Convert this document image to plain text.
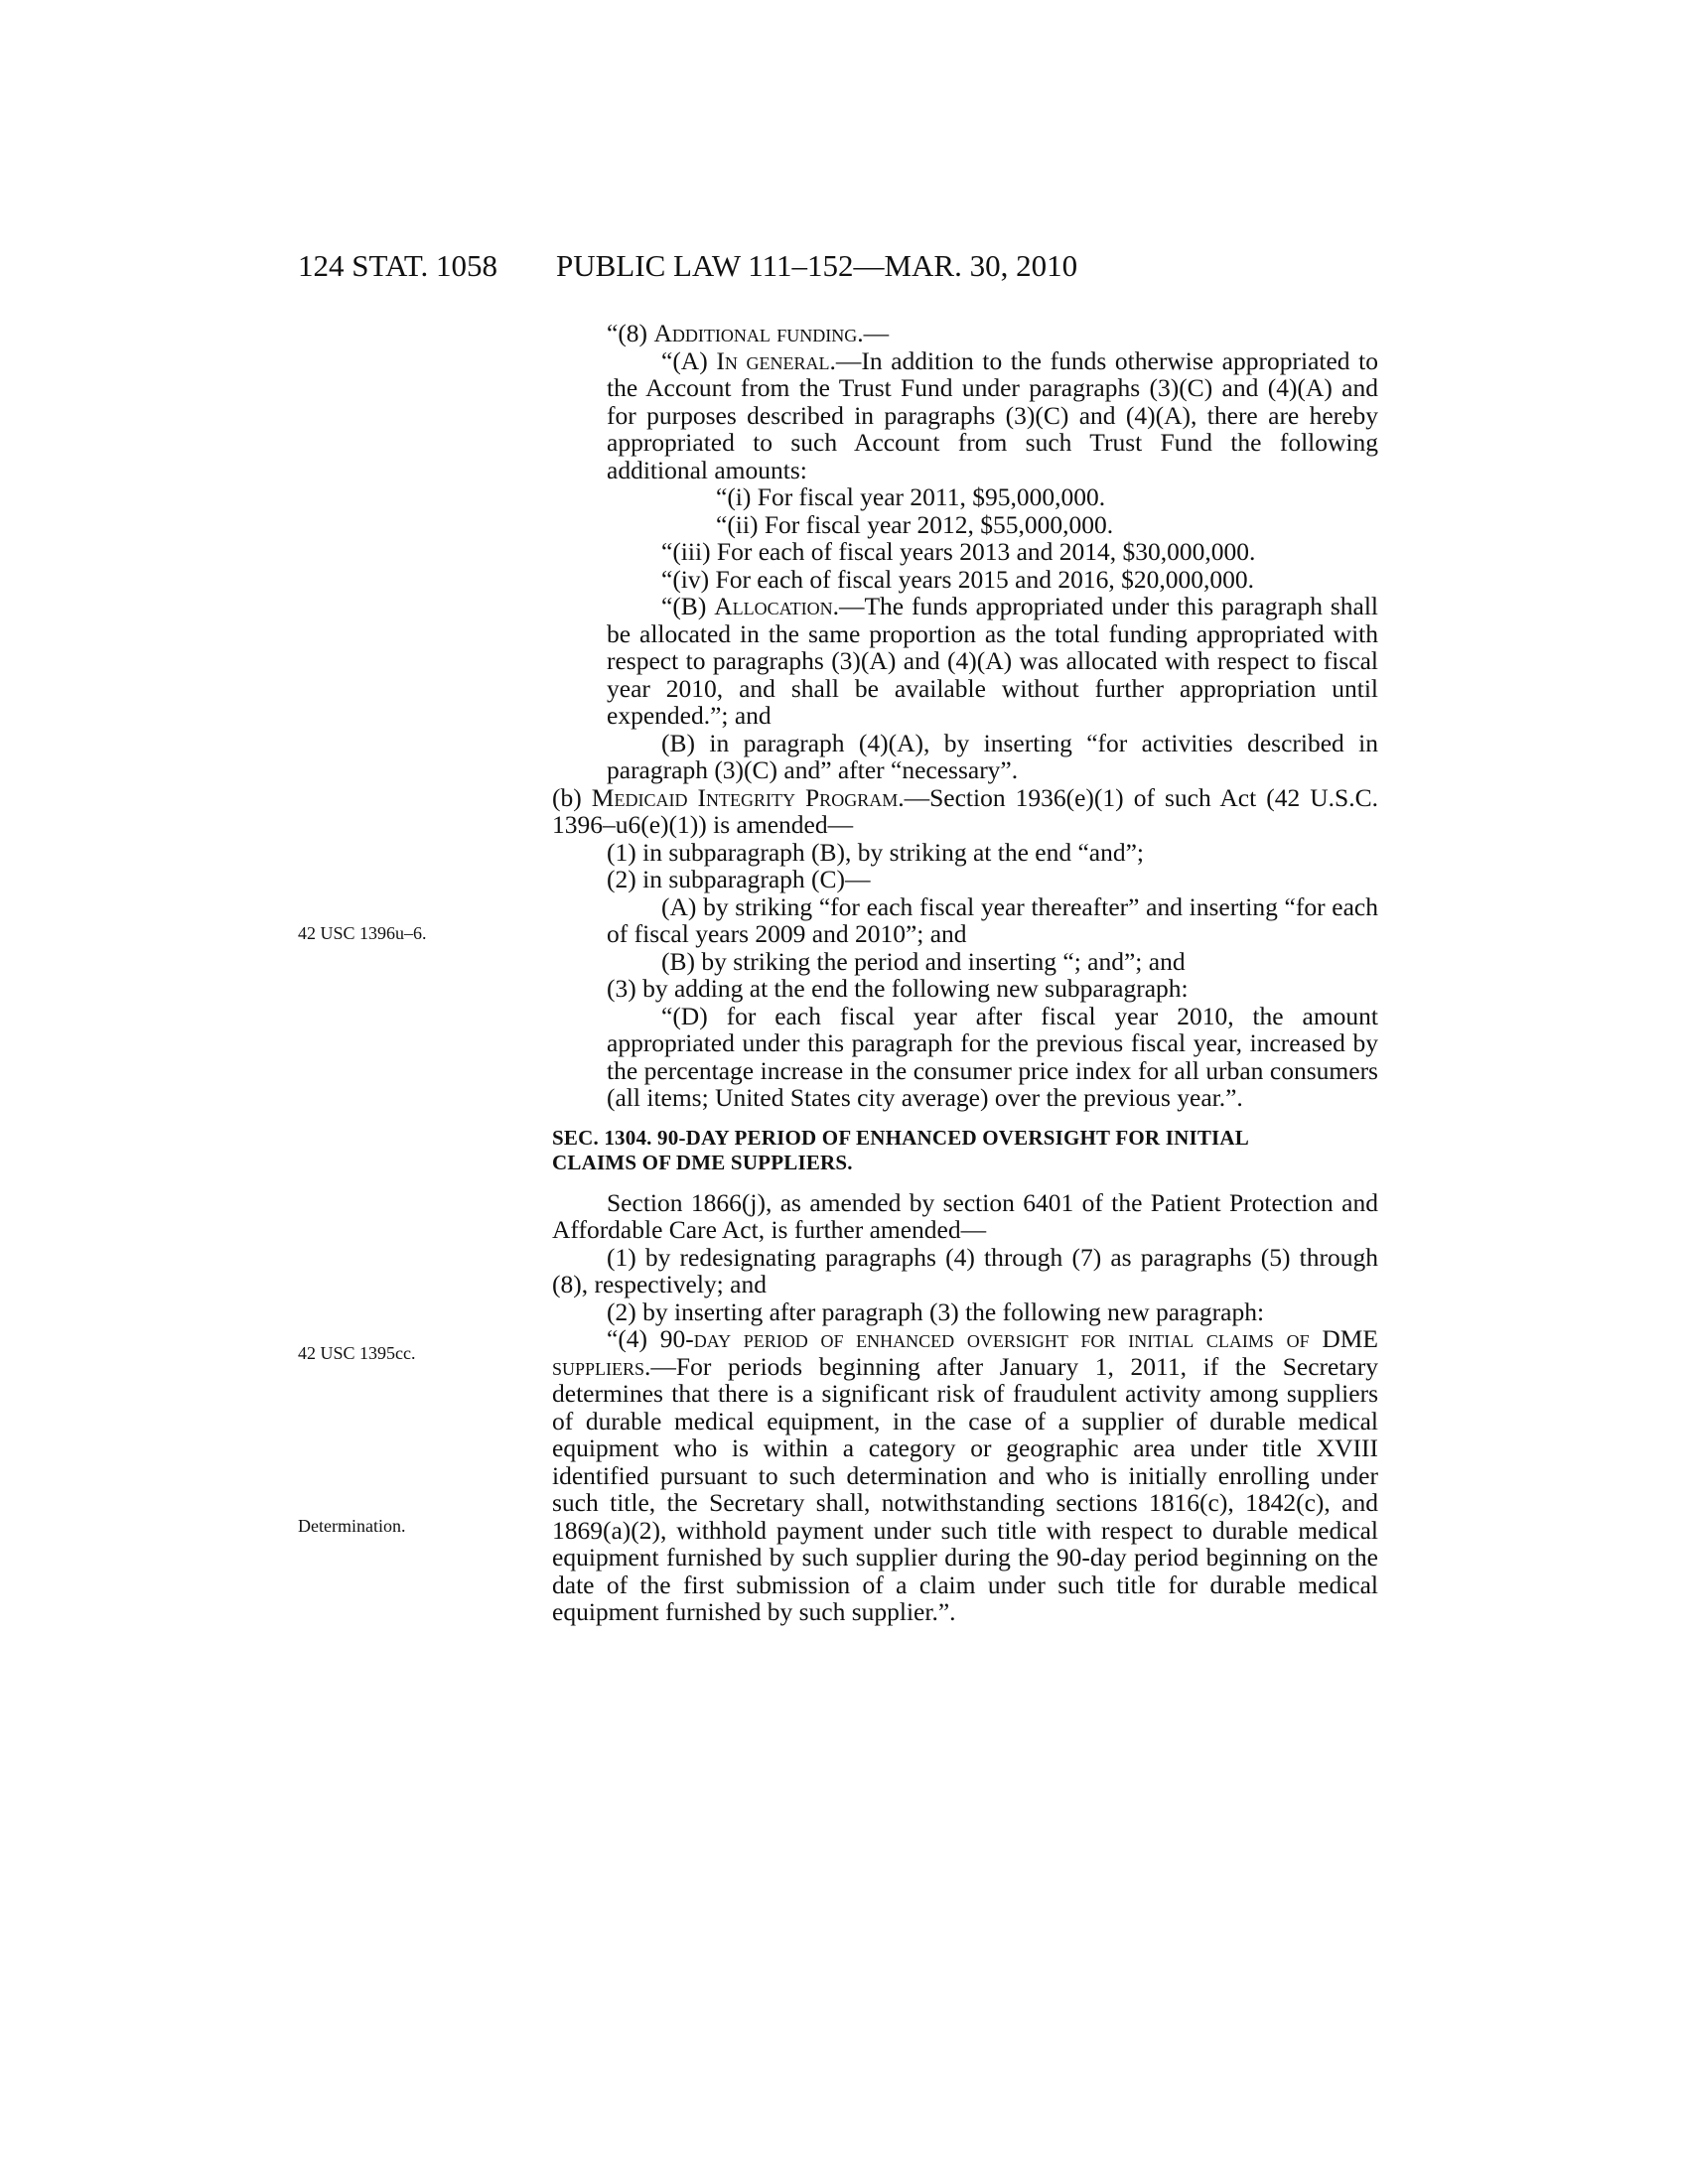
124 STAT. 1058 PUBLIC LAW 111–152—MAR. 30, 2010
42 USC 1396u–6.
42 USC 1395cc.
Determination.

“(8) Additional funding.—

“(A) In general.—In addition to the funds otherwise appropriated to the Account from the Trust Fund under paragraphs (3)(C) and (4)(A) and for purposes described in paragraphs (3)(C) and (4)(A), there are hereby appropriated to such Account from such Trust Fund the following additional amounts:

“(i) For fiscal year 2011, $95,000,000.

“(ii) For fiscal year 2012, $55,000,000.

“(iii) For each of fiscal years 2013 and 2014, $30,000,000.

“(iv) For each of fiscal years 2015 and 2016, $20,000,000.

“(B) Allocation.—The funds appropriated under this paragraph shall be allocated in the same proportion as the total funding appropriated with respect to paragraphs (3)(A) and (4)(A) was allocated with respect to fiscal year 2010, and shall be available without further appropriation until expended.”; and

(B) in paragraph (4)(A), by inserting “for activities described in paragraph (3)(C) and” after “necessary”.

(b) Medicaid Integrity Program.—Section 1936(e)(1) of such Act (42 U.S.C. 1396–u6(e)(1)) is amended—

(1) in subparagraph (B), by striking at the end “and”;

(2) in subparagraph (C)—

(A) by striking “for each fiscal year thereafter” and inserting “for each of fiscal years 2009 and 2010”; and

(B) by striking the period and inserting “; and”; and

(3) by adding at the end the following new subparagraph:

“(D) for each fiscal year after fiscal year 2010, the amount appropriated under this paragraph for the previous fiscal year, increased by the percentage increase in the consumer price index for all urban consumers (all items; United States city average) over the previous year.”.

SEC. 1304. 90-DAY PERIOD OF ENHANCED OVERSIGHT FOR INITIAL
CLAIMS OF DME SUPPLIERS.

Section 1866(j), as amended by section 6401 of the Patient Protection and Affordable Care Act, is further amended—

(1) by redesignating paragraphs (4) through (7) as paragraphs (5) through (8), respectively; and

(2) by inserting after paragraph (3) the following new paragraph:

“(4) 90-day period of enhanced oversight for initial claims of DME suppliers.—For periods beginning after January 1, 2011, if the Secretary determines that there is a significant risk of fraudulent activity among suppliers of durable medical equipment, in the case of a supplier of durable medical equipment who is within a category or geographic area under title XVIII identified pursuant to such determination and who is initially enrolling under such title, the Secretary shall, notwithstanding sections 1816(c), 1842(c), and 1869(a)(2), withhold payment under such title with respect to durable medical equipment furnished by such supplier during the 90-day period beginning on the date of the first submission of a claim under such title for durable medical equipment furnished by such supplier.”.
